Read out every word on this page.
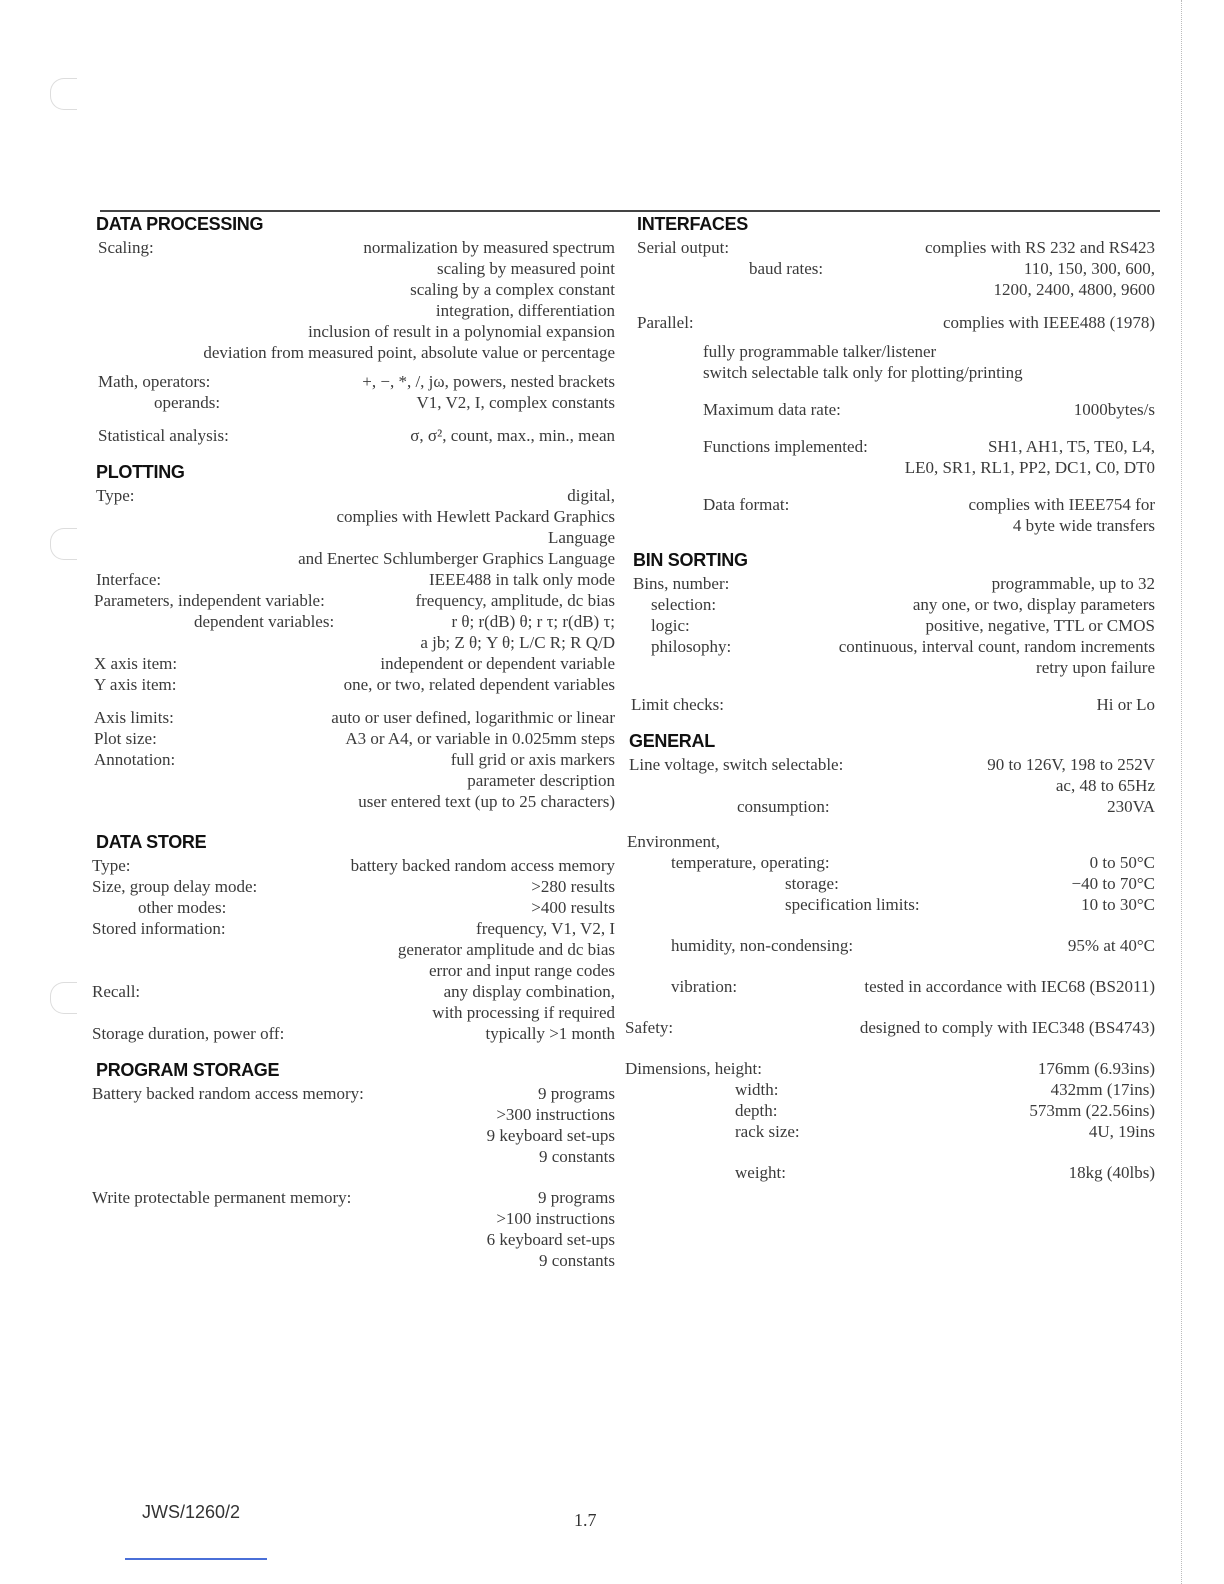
DATA PROCESSING
Scaling:	normalization by measured spectrum
scaling by measured point
scaling by a complex constant
integration, differentiation
inclusion of result in a polynomial expansion
deviation from measured point, absolute value or percentage
Math, operators:	+, −, *, /, jω, powers, nested brackets
operands:	V1, V2, I, complex constants
Statistical analysis:	σ, σ², count, max., min., mean
PLOTTING
Type:	digital,
complies with Hewlett Packard Graphics Language
and Enertec Schlumberger Graphics Language
Interface:	IEEE488 in talk only mode
Parameters, independent variable:	frequency, amplitude, dc bias
dependent variables:	r θ; r(dB) θ; r τ; r(dB) τ;
a jb; Z θ; Y θ; L/C R; R Q/D
X axis item:	independent or dependent variable
Y axis item:	one, or two, related dependent variables
Axis limits:	auto or user defined, logarithmic or linear
Plot size:	A3 or A4, or variable in 0.025mm steps
Annotation:	full grid or axis markers
parameter description
user entered text (up to 25 characters)
DATA STORE
Type:	battery backed random access memory
Size, group delay mode:	>280 results
other modes:	>400 results
Stored information:	frequency, V1, V2, I
generator amplitude and dc bias
error and input range codes
Recall:	any display combination,
with processing if required
Storage duration, power off:	typically >1 month
PROGRAM STORAGE
Battery backed random access memory:	9 programs
>300 instructions
9 keyboard set-ups
9 constants
Write protectable permanent memory:	9 programs
>100 instructions
6 keyboard set-ups
9 constants
INTERFACES
Serial output:	complies with RS 232 and RS423
baud rates:	110, 150, 300, 600,
1200, 2400, 4800, 9600
Parallel:	complies with IEEE488 (1978)
fully programmable talker/listener
switch selectable talk only for plotting/printing
Maximum data rate:	1000bytes/s
Functions implemented:	SH1, AH1, T5, TE0, L4,
LE0, SR1, RL1, PP2, DC1, C0, DT0
Data format:	complies with IEEE754 for
4 byte wide transfers
BIN SORTING
Bins, number:	programmable, up to 32
selection:	any one, or two, display parameters
logic:	positive, negative, TTL or CMOS
philosophy:	continuous, interval count, random increments
retry upon failure
Limit checks:	Hi or Lo
GENERAL
Line voltage, switch selectable:	90 to 126V, 198 to 252V
ac, 48 to 65Hz
consumption:	230VA
Environment,
temperature, operating:	0 to 50°C
storage:	−40 to 70°C
specification limits:	10 to 30°C
humidity, non-condensing:	95% at 40°C
vibration:	tested in accordance with IEC68 (BS2011)
Safety:	designed to comply with IEC348 (BS4743)
Dimensions, height:	176mm (6.93ins)
width:	432mm (17ins)
depth:	573mm (22.56ins)
rack size:	4U, 19ins
weight:	18kg (40lbs)
JWS/1260/2	1.7
